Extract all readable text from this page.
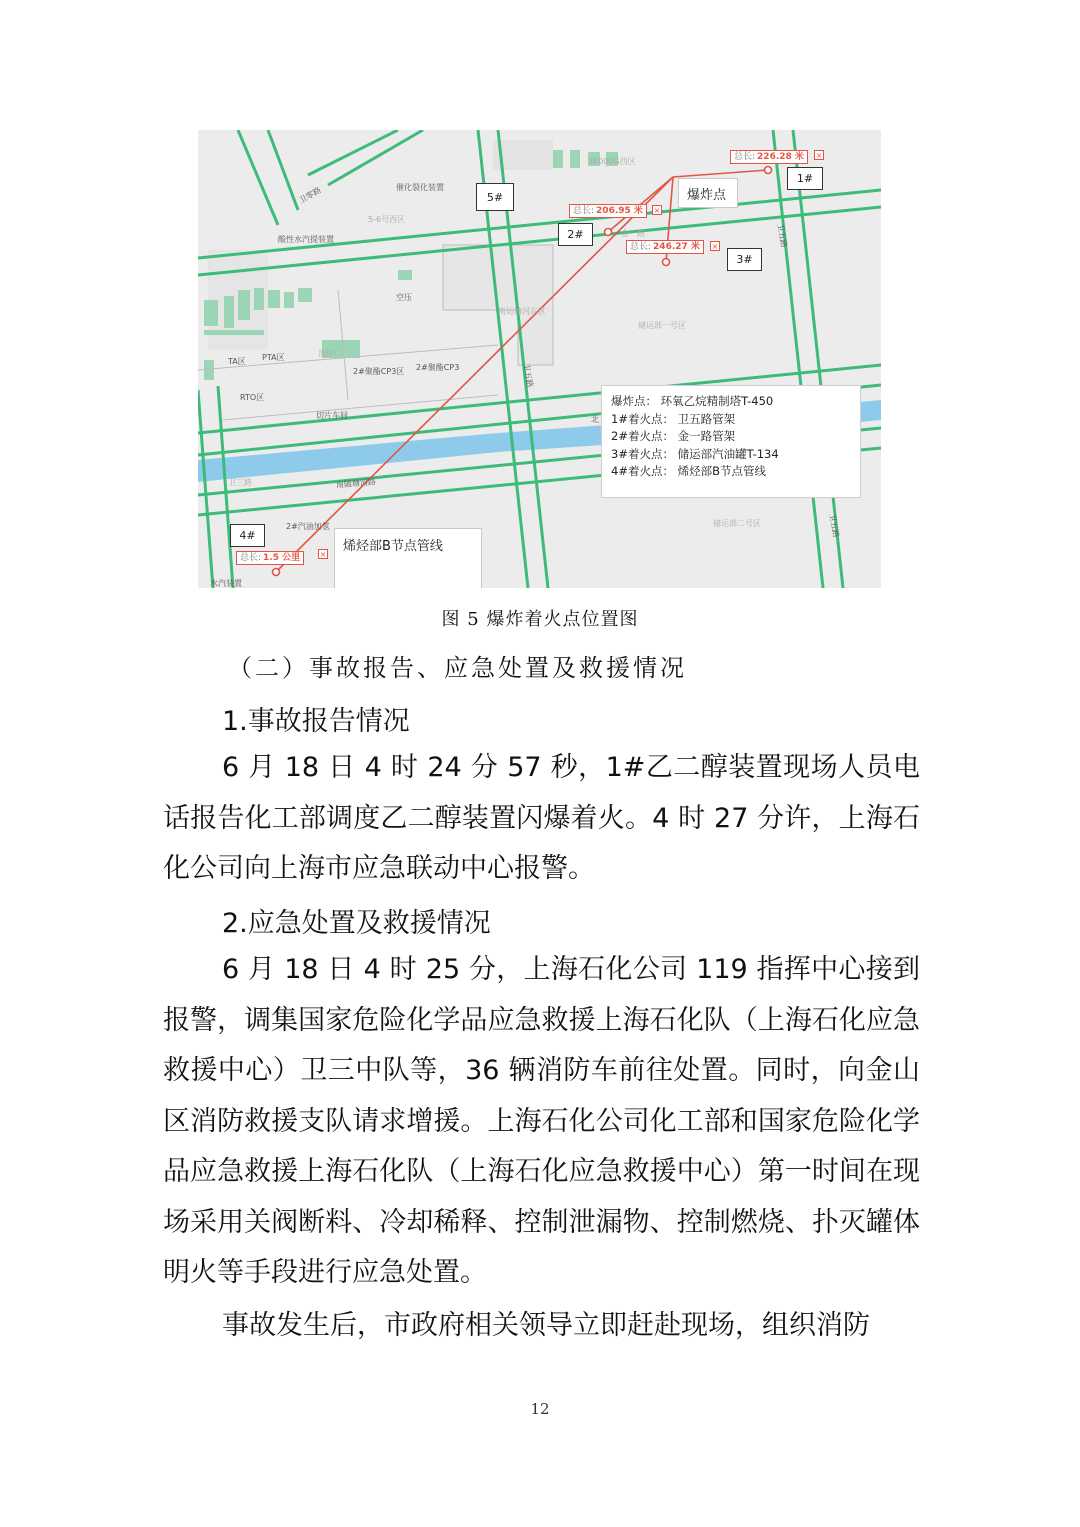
催化裂化装置
酸性水汽提装置
空压
TA区 PTA区
RTO区
2#聚酯CP3区 2#聚酯CP3
切片车间
2#汽油加氢
水汽装置
北
卫五路
卫五路
卫五路
南随塘河路
卫零路
3E000G西区
5-6号西区
涤纶厂
南运塘河东区
储运部一号区
储运部二号区
卫三路
金一路
1#
2#
3#
4#
5#	爆炸点
烯烃部B节点管线
总长: 226.28 米	×
总长: 206.95 米	×
总长: 246.27 米	×
总长: 1.5 公里	×
爆炸点： 环氧乙烷精制塔T-450
1#着火点： 卫五路管架
2#着火点： 金一路管架
3#着火点： 储运部汽油罐T-134
4#着火点： 烯烃部B节点管线
图 5 爆炸着火点位置图
（二）事故报告、应急处置及救援情况
1.事故报告情况
6 月 18 日 4 时 24 分 57 秒，1#乙二醇装置现场人员电话报告化工部调度乙二醇装置闪爆着火。4 时 27 分许，上海石化公司向上海市应急联动中心报警。
2.应急处置及救援情况
6 月 18 日 4 时 25 分，上海石化公司 119 指挥中心接到报警，调集国家危险化学品应急救援上海石化队（上海石化应急救援中心）卫三中队等，36 辆消防车前往处置。同时，向金山区消防救援支队请求增援。上海石化公司化工部和国家危险化学品应急救援上海石化队（上海石化应急救援中心）第一时间在现场采用关阀断料、冷却稀释、控制泄漏物、控制燃烧、扑灭罐体明火等手段进行应急处置。
事故发生后，市政府相关领导立即赶赴现场，组织消防
12
